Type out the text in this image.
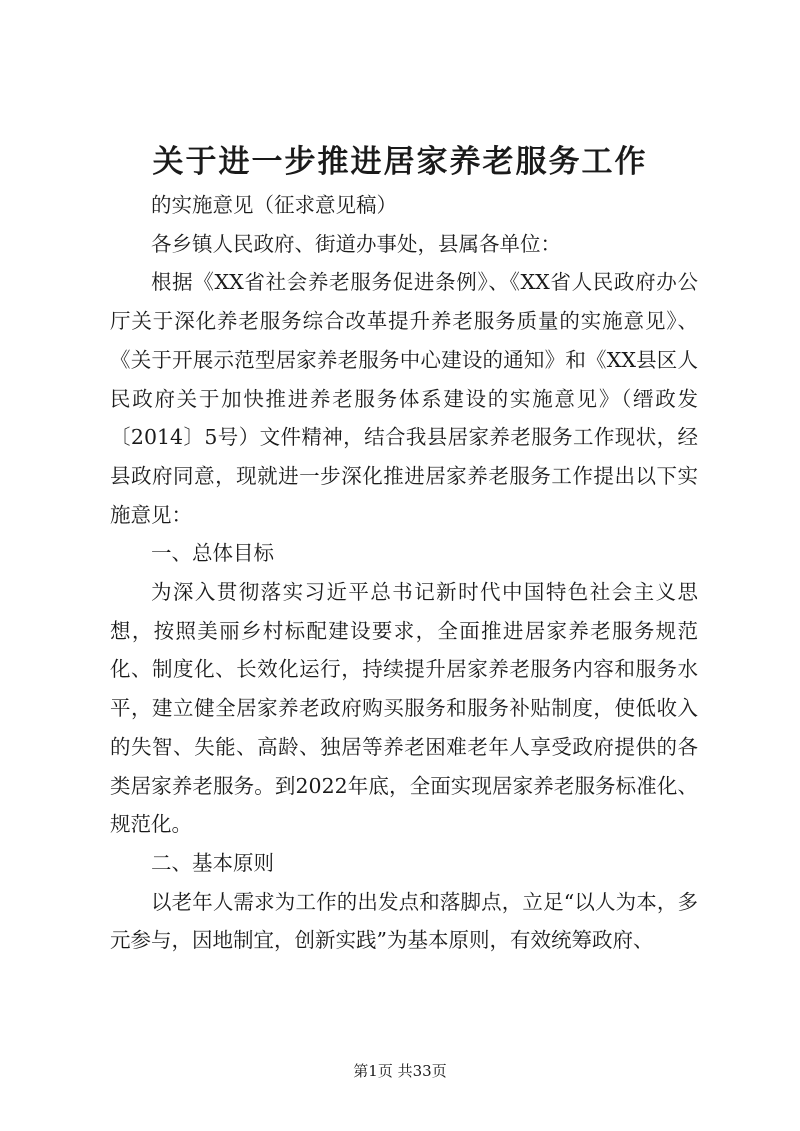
关于进一步推进居家养老服务工作

的实施意见（征求意见稿）

各乡镇人民政府、街道办事处，县属各单位：

根据《XX省社会养老服务促进条例》、《XX省人民政府办公厅关于深化养老服务综合改革提升养老服务质量的实施意见》、《关于开展示范型居家养老服务中心建设的通知》和《XX县区人民政府关于加快推进养老服务体系建设的实施意见》（缙政发〔2014〕5号）文件精神，结合我县居家养老服务工作现状，经县政府同意，现就进一步深化推进居家养老服务工作提出以下实施意见：

一、总体目标

为深入贯彻落实习近平总书记新时代中国特色社会主义思想，按照美丽乡村标配建设要求，全面推进居家养老服务规范化、制度化、长效化运行，持续提升居家养老服务内容和服务水平，建立健全居家养老政府购买服务和服务补贴制度，使低收入的失智、失能、高龄、独居等养老困难老年人享受政府提供的各类居家养老服务。到2022年底，全面实现居家养老服务标准化、规范化。

二、基本原则

以老年人需求为工作的出发点和落脚点，立足“以人为本，多元参与，因地制宜，创新实践”为基本原则，有效统筹政府、

第1页 共33页
